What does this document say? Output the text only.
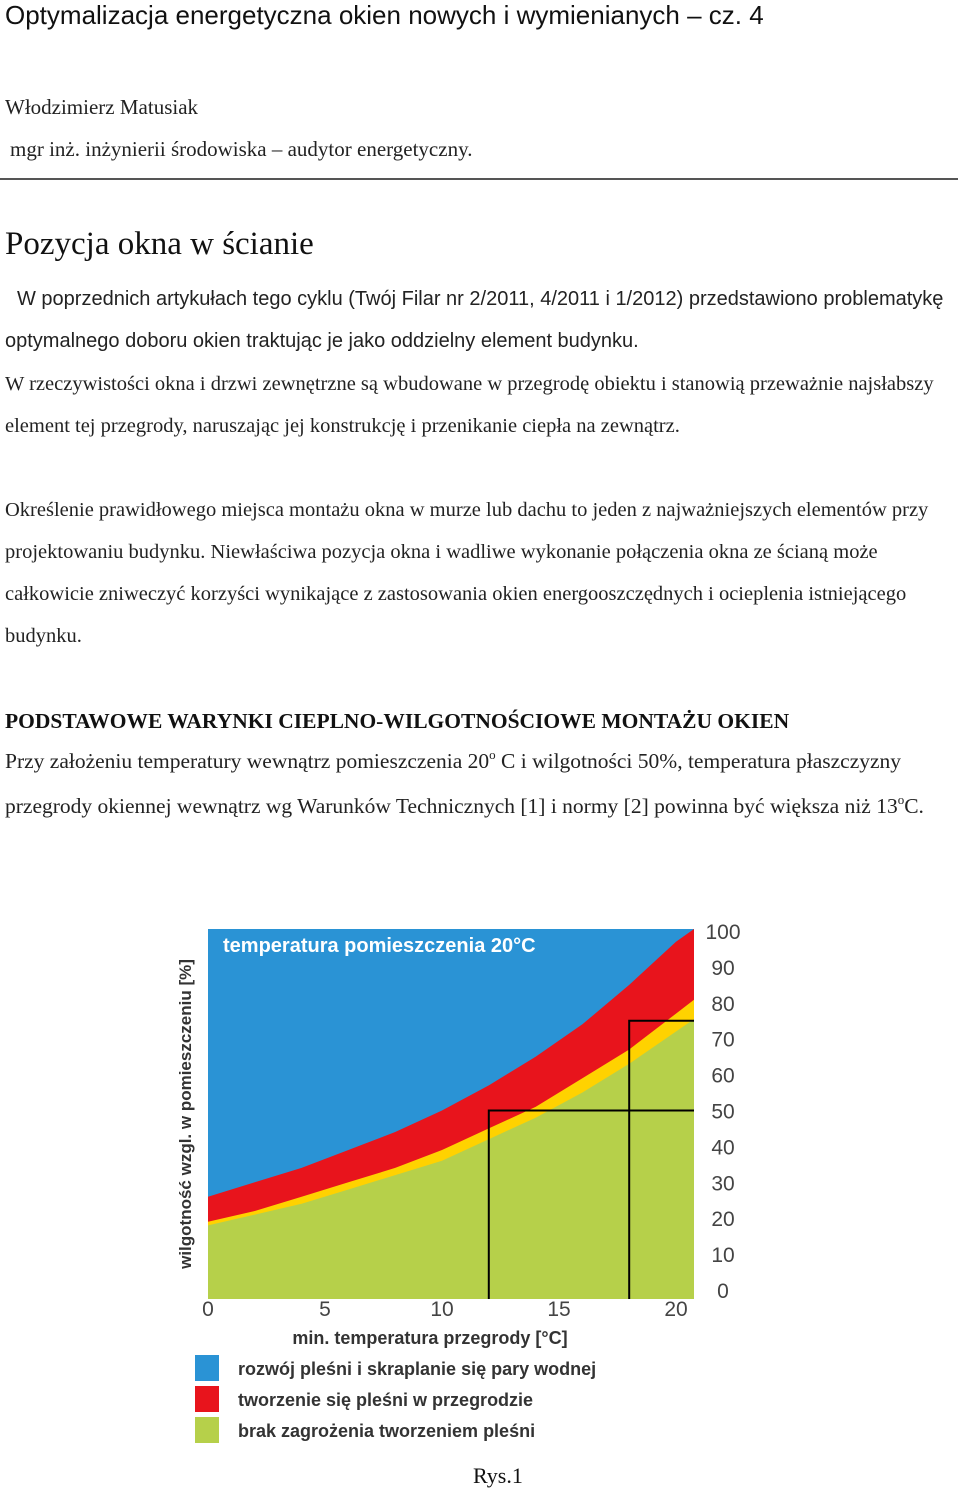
Optymalizacja energetyczna okien nowych i wymienianych – cz. 4
Włodzimierz Matusiak
mgr inż. inżynierii środowiska – audytor energetyczny.
Pozycja okna w ścianie
W poprzednich artykułach tego cyklu (Twój Filar nr 2/2011, 4/2011 i 1/2012) przedstawiono problematykę optymalnego doboru okien traktując je jako oddzielny element budynku.
W rzeczywistości okna i drzwi zewnętrzne są wbudowane w przegrodę obiektu i stanowią przeważnie najsłabszy element tej przegrody, naruszając jej konstrukcję i przenikanie ciepła na zewnątrz.
Określenie prawidłowego miejsca montażu okna w murze lub dachu to jeden z najważniejszych elementów przy projektowaniu budynku. Niewłaściwa pozycja okna i wadliwe wykonanie połączenia okna ze ścianą może całkowicie zniweczyć korzyści wynikające z zastosowania okien energooszczędnych i ocieplenia istniejącego budynku.
PODSTAWOWE WARYNKI CIEPLNO-WILGOTNOŚCIOWE MONTAŻU OKIEN
Przy założeniu temperatury wewnątrz pomieszczenia 20$^o$ C i wilgotności 50%, temperatura płaszczyzny przegrody okiennej wewnątrz wg Warunków Technicznych [1] i normy [2] powinna być większa niż 13$^o$C.
temperatura pomieszczenia 20°C
0
10
20
30
40
50
60
70
80
90
100
0	5	10	15	20
wilgotność wzgl. w pomieszczeniu [%]
min. temperatura przegrody [°C]
rozwój pleśni i skraplanie się pary wodnej
tworzenie się pleśni w przegrodzie
brak zagrożenia tworzeniem pleśni
Rys.1
